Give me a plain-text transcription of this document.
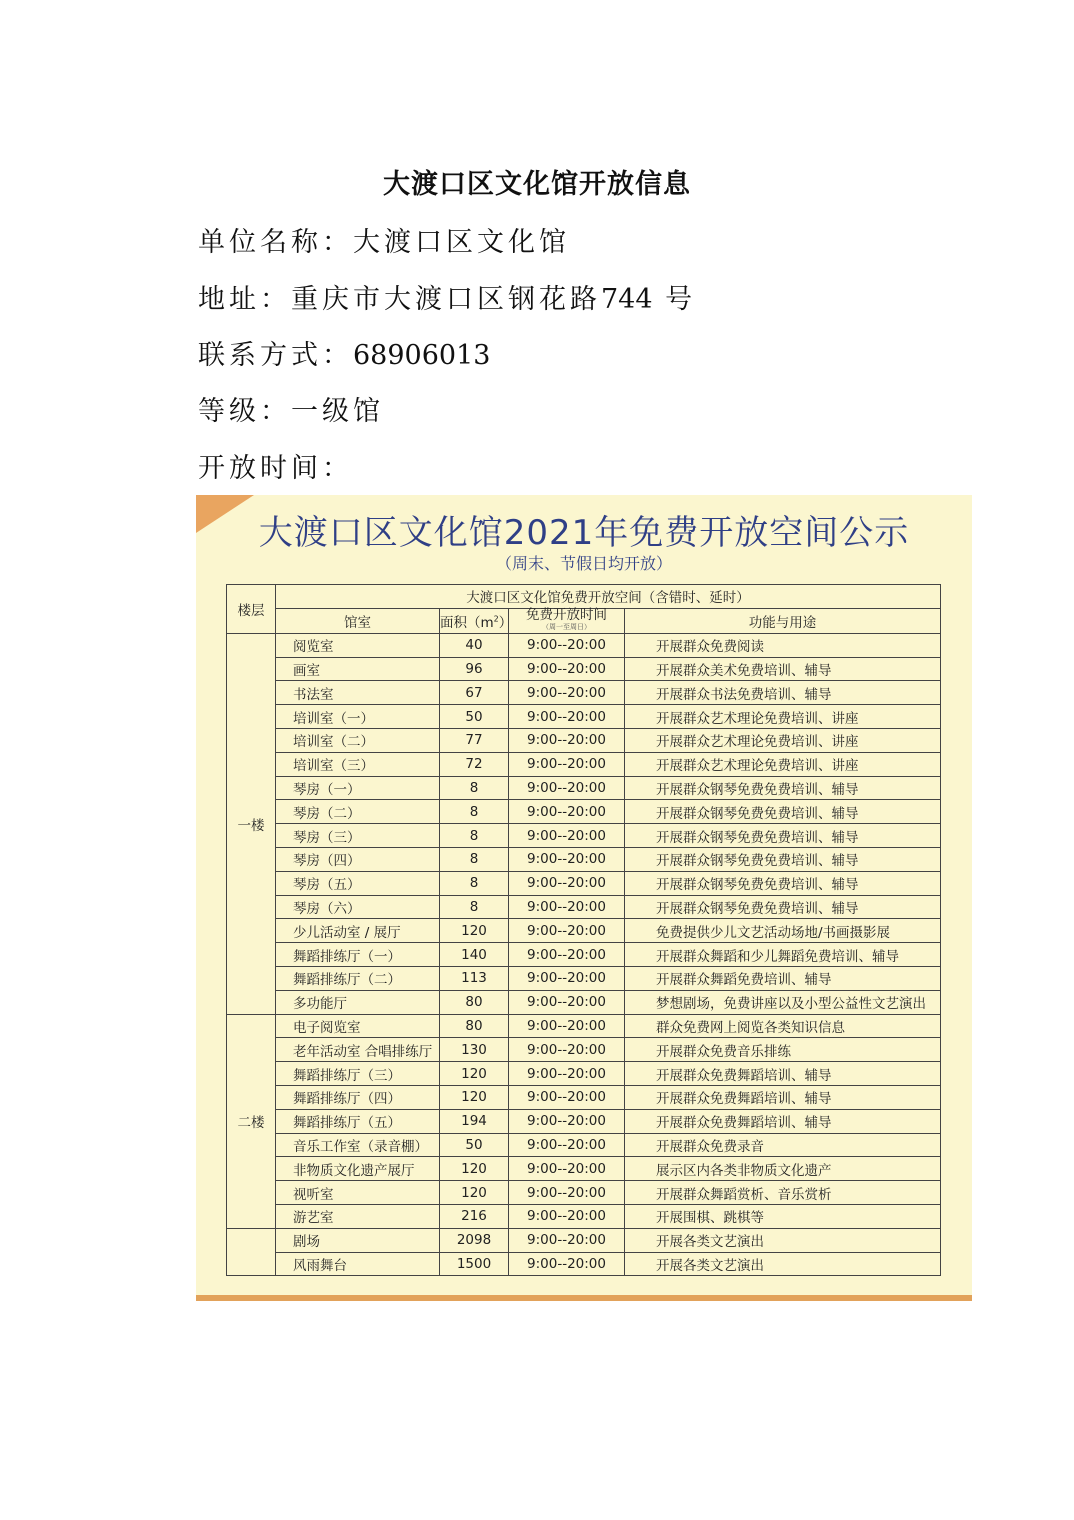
大渡口区文化馆开放信息
单位名称：大渡口区文化馆
地址：重庆市大渡口区钢花路744 号
联系方式：68906013
等级：一级馆
开放时间：
大渡口区文化馆2021年免费开放空间公示
（周末、节假日均开放）
楼层	大渡口区文化馆免费开放空间（含错时、延时）			
	馆室	面积$(m^2)$	免费开放时间
（周一至周日）	功能与用途
一楼	阅览室	40	9:00--20:00	开展群众免费阅读
	画室	96	9:00--20:00	开展群众美术免费培训、辅导
	书法室	67	9:00--20:00	开展群众书法免费培训、辅导
	培训室（一）	50	9:00--20:00	开展群众艺术理论免费培训、讲座
	培训室（二）	77	9:00--20:00	开展群众艺术理论免费培训、讲座
	培训室（三）	72	9:00--20:00	开展群众艺术理论免费培训、讲座
	琴房（一）	8	9:00--20:00	开展群众钢琴免费免费培训、辅导
	琴房（二）	8	9:00--20:00	开展群众钢琴免费免费培训、辅导
	琴房（三）	8	9:00--20:00	开展群众钢琴免费免费培训、辅导
	琴房（四）	8	9:00--20:00	开展群众钢琴免费免费培训、辅导
	琴房（五）	8	9:00--20:00	开展群众钢琴免费免费培训、辅导
	琴房（六）	8	9:00--20:00	开展群众钢琴免费免费培训、辅导
	少儿活动室 / 展厅	120	9:00--20:00	免费提供少儿文艺活动场地/书画摄影展
	舞蹈排练厅（一）	140	9:00--20:00	开展群众舞蹈和少儿舞蹈免费培训、辅导
	舞蹈排练厅（二）	113	9:00--20:00	开展群众舞蹈免费培训、辅导
	多功能厅	80	9:00--20:00	梦想剧场，免费讲座以及小型公益性文艺演出
二楼	电子阅览室	80	9:00--20:00	群众免费网上阅览各类知识信息
	老年活动室 合唱排练厅	130	9:00--20:00	开展群众免费音乐排练
	舞蹈排练厅（三）	120	9:00--20:00	开展群众免费舞蹈培训、辅导
	舞蹈排练厅（四）	120	9:00--20:00	开展群众免费舞蹈培训、辅导
	舞蹈排练厅（五）	194	9:00--20:00	开展群众免费舞蹈培训、辅导
	音乐工作室（录音棚）	50	9:00--20:00	开展群众免费录音
	非物质文化遗产展厅	120	9:00--20:00	展示区内各类非物质文化遗产
	视听室	120	9:00--20:00	开展群众舞蹈赏析、音乐赏析
	游艺室	216	9:00--20:00	开展围棋、跳棋等
	剧场	2098	9:00--20:00	开展各类文艺演出
	风雨舞台	1500	9:00--20:00	开展各类文艺演出
